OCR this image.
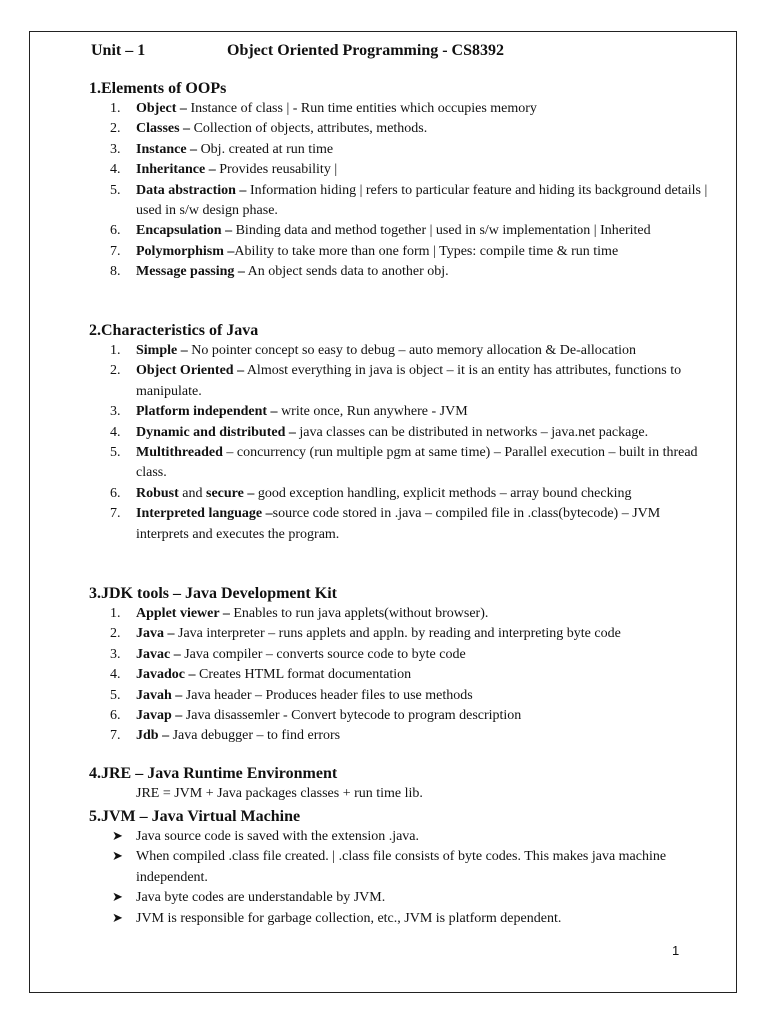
Unit – 1	Object Oriented Programming - CS8392
1.Elements of OOPs
1. Object – Instance of class | - Run time entities which occupies memory
2. Classes – Collection of objects, attributes, methods.
3. Instance – Obj. created at run time
4. Inheritance – Provides reusability |
5. Data abstraction – Information hiding | refers to particular feature and hiding its background details | used in s/w design phase.
6. Encapsulation – Binding data and method together | used in s/w implementation | Inherited
7. Polymorphism –Ability to take more than one form | Types: compile time & run time
8. Message passing – An object sends data to another obj.
2.Characteristics of Java
1. Simple – No pointer concept so easy to debug – auto memory allocation & De-allocation
2. Object Oriented – Almost everything in java is object – it is an entity has attributes, functions to manipulate.
3. Platform independent – write once, Run anywhere - JVM
4. Dynamic and distributed – java classes can be distributed in networks – java.net package.
5. Multithreaded – concurrency (run multiple pgm at same time) – Parallel execution – built in thread class.
6. Robust and secure – good exception handling, explicit methods – array bound checking
7. Interpreted language –source code stored in .java – compiled file in .class(bytecode) – JVM interprets and executes the program.
3.JDK tools – Java Development Kit
1. Applet viewer – Enables to run java applets(without browser).
2. Java – Java interpreter – runs applets and appln. by reading and interpreting byte code
3. Javac – Java compiler – converts source code to byte code
4. Javadoc – Creates HTML format documentation
5. Javah – Java header – Produces header files to use methods
6. Javap – Java disassemler - Convert bytecode to program description
7. Jdb – Java debugger – to find errors
4.JRE – Java Runtime Environment
JRE = JVM + Java packages classes + run time lib.
5.JVM – Java Virtual Machine
➤ Java source code is saved with the extension .java.
➤ When compiled .class file created. | .class file consists of byte codes. This makes java machine independent.
➤ Java byte codes are understandable by JVM.
➤ JVM is responsible for garbage collection, etc., JVM is platform dependent.
1
